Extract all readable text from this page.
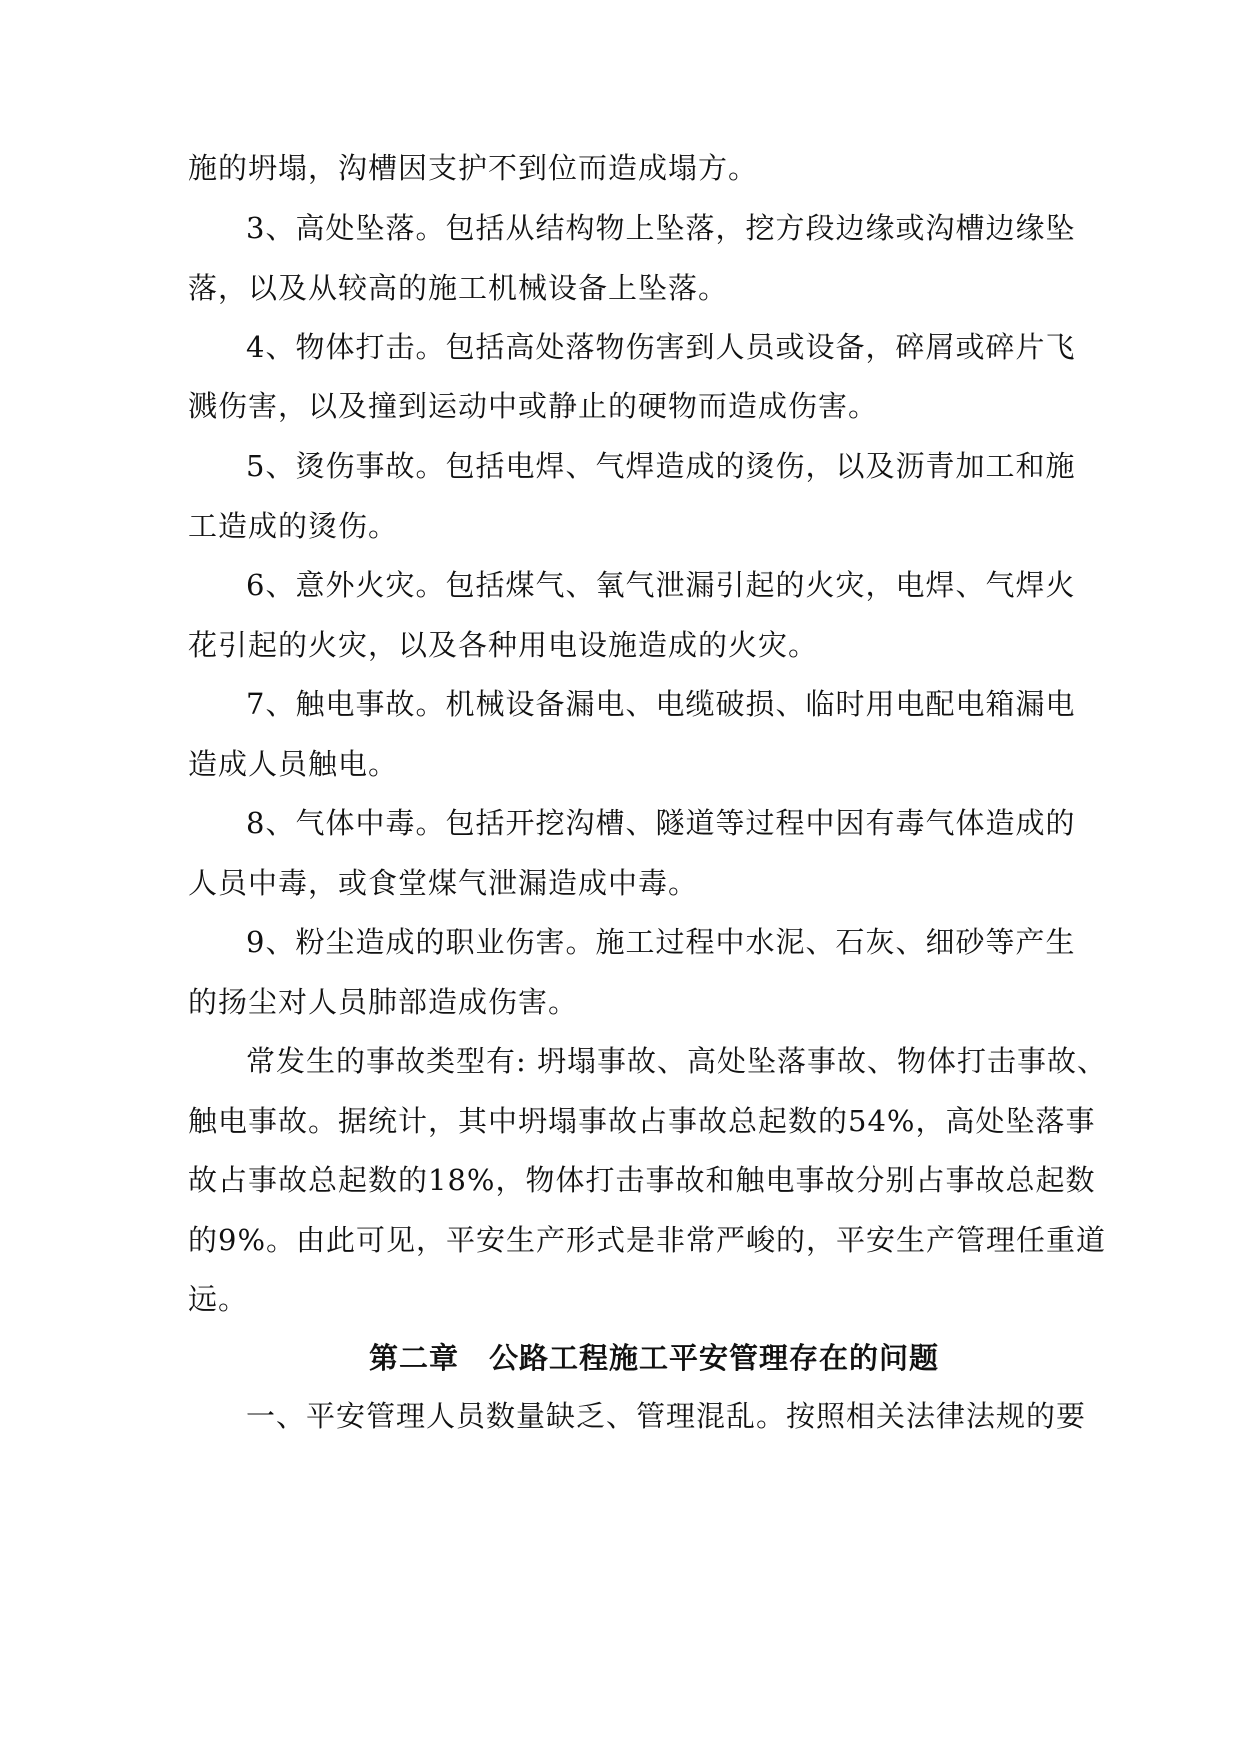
施的坍塌，沟槽因支护不到位而造成塌方。
3、高处坠落。包括从结构物上坠落，挖方段边缘或沟槽边缘坠
落，以及从较高的施工机械设备上坠落。
4、物体打击。包括高处落物伤害到人员或设备，碎屑或碎片飞
溅伤害，以及撞到运动中或静止的硬物而造成伤害。
5、烫伤事故。包括电焊、气焊造成的烫伤，以及沥青加工和施
工造成的烫伤。
6、意外火灾。包括煤气、氧气泄漏引起的火灾，电焊、气焊火
花引起的火灾，以及各种用电设施造成的火灾。
7、触电事故。机械设备漏电、电缆破损、临时用电配电箱漏电
造成人员触电。
8、气体中毒。包括开挖沟槽、隧道等过程中因有毒气体造成的
人员中毒，或食堂煤气泄漏造成中毒。
9、粉尘造成的职业伤害。施工过程中水泥、石灰、细砂等产生
的扬尘对人员肺部造成伤害。
常发生的事故类型有: 坍塌事故、高处坠落事故、物体打击事故、
触电事故。据统计，其中坍塌事故占事故总起数的54%，高处坠落事
故占事故总起数的18%，物体打击事故和触电事故分别占事故总起数
的9%。由此可见，平安生产形式是非常严峻的，平安生产管理任重道
远。
第二章　公路工程施工平安管理存在的问题
一、平安管理人员数量缺乏、管理混乱。按照相关法律法规的要
